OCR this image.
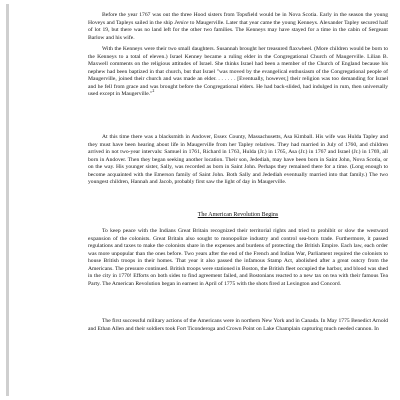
Before the year 1767 was out the three Hood sisters from Topsfield would be in Nova Scotia. Early in the season the young Hoveys and Tapleys sailed in the ship Jenice to Maugerville. Later that year came the young Kenneys. Alexander Tapley secured half of lot 19, but there was no land left for the other two families. The Kenneys may have stayed for a time in the cabin of Sergeant Barlow and his wife.

With the Kenneys were their two small daughters. Susannah brought her treasured flaxwheel. (More children would be born to the Kenneys to a total of eleven.) Israel Kenney became a ruling elder in the Congregational Church of Maugerville. Lilian B. Maxwell comments on the religious attitudes of Israel. She thinks Israel had been a member of the Church of England because his nephew had been baptized in that church, but that Israel "was moved by the evangelical enthusiasm of the Congregational people of Maugerville, joined their church and was made an elder. . . . . . . [Eventually, however,] their religion was too demanding for Israel and he fell from grace and was brought before the Congregational elders. He had back-slided, had indulged in rum, then universally used except in Maugerville."$^2$

At this time there was a blacksmith in Andover, Essex County, Massachusetts, Asa Kimball. His wife was Hulda Tapley and they must have been hearing about life in Maugerville from her Tapley relatives. They had married in July of 1760, and children arrived in not two-year intervals: Samuel in 1761, Richard in 1763, Hulda (Jr.) in 1765, Asa (Jr.) in 1767 and Israel (Jr.) in 1769, all born in Andover. Then they began seeking another location. Their son, Jedediah, may have been born in Saint John, Nova Scotia, or on the way. His younger sister, Sally, was recorded as born in Saint John. Perhaps they remained there for a time. (Long enough to become acquainted with the Emerson family of Saint John. Both Sally and Jedediah eventually married into that family.) The two youngest children, Hannah and Jacob, probably first saw the light of day in Maugerville.

The American Revolution Begins

To keep peace with the Indians Great Britain recognized their territorial rights and tried to prohibit or slow the westward expansion of the colonists. Great Britain also sought to monopolize industry and control sea-born trade. Furthermore, it passed regulations and taxes to make the colonists share in the expenses and burdens of protecting the British Empire. Each law, each order was more unpopular than the ones before. Two years after the end of the French and Indian War, Parliament required the colonists to house British troops in their homes. That year it also passed the infamous Stamp Act, abolished after a great outcry from the Americans. The pressure continued. British troops were stationed in Boston, the British fleet occupied the harbor, and blood was shed in the city in 1770! Efforts on both sides to find agreement failed, and Bostonians reacted to a new tax on tea with their famous Tea Party. The American Revolution began in earnest in April of 1775 with the shots fired at Lexington and Concord.

The first successful military actions of the Americans were in northern New York and in Canada. In May 1775 Benedict Arnold and Ethan Allen and their soldiers took Fort Ticonderoga and Crown Point on Lake Champlain capturing much needed cannon. In
